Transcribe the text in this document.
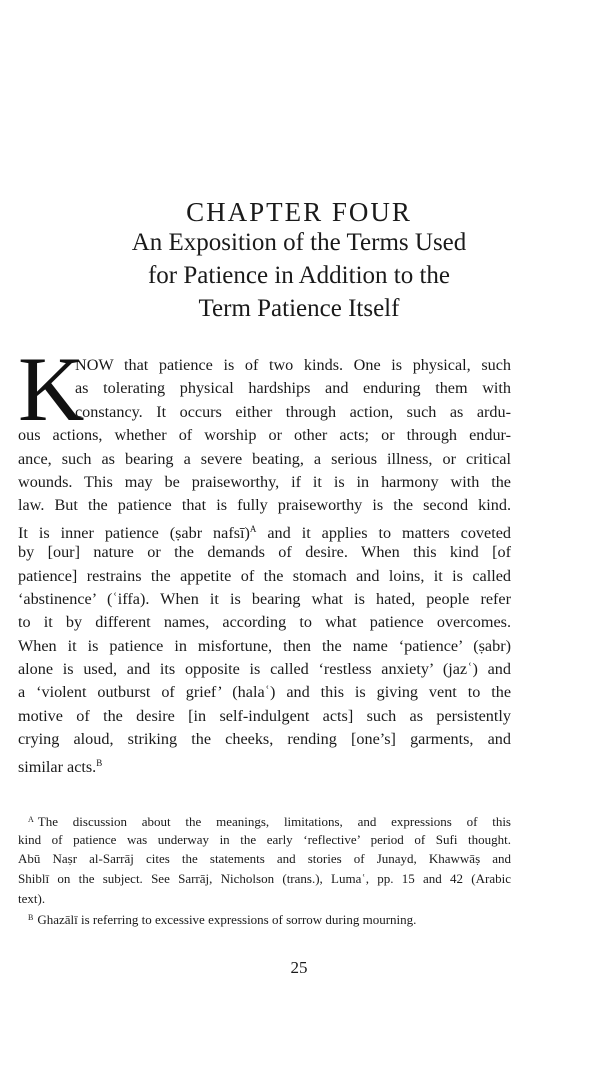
CHAPTER FOUR
An Exposition of the Terms Used
for Patience in Addition to the
Term Patience Itself
K
NOW that patience is of two kinds. One is physical, such
as tolerating physical hardships and enduring them with
constancy. It occurs either through action, such as ardu-
ous actions, whether of worship or other acts; or through endur-
ance, such as bearing a severe beating, a serious illness, or critical
wounds. This may be praiseworthy, if it is in harmony with the
law. But the patience that is fully praiseworthy is the second kind.
It is inner patience (ṣabr nafsī)$^A$ and it applies to matters coveted
by [our] nature or the demands of desire. When this kind [of
patience] restrains the appetite of the stomach and loins, it is called
‘abstinence’ (ʿiffa). When it is bearing what is hated, people refer
to it by different names, according to what patience overcomes.
When it is patience in misfortune, then the name ‘patience’ (ṣabr)
alone is used, and its opposite is called ‘restless anxiety’ (jazʿ) and
a ‘violent outburst of grief’ (halaʿ) and this is giving vent to the
motive of the desire [in self-indulgent acts] such as persistently
crying aloud, striking the cheeks, rending [one’s] garments, and
similar acts.$^B$
$^A$ The discussion about the meanings, limitations, and expressions of this
kind of patience was underway in the early ‘reflective’ period of Sufi thought.
Abū Naṣr al-Sarrāj cites the statements and stories of Junayd, Khawwāṣ and
Shiblī on the subject. See Sarrāj, Nicholson (trans.), Lumaʿ, pp. 15 and 42 (Arabic
text).
$^B$ Ghazālī is referring to excessive expressions of sorrow during mourning.
25
